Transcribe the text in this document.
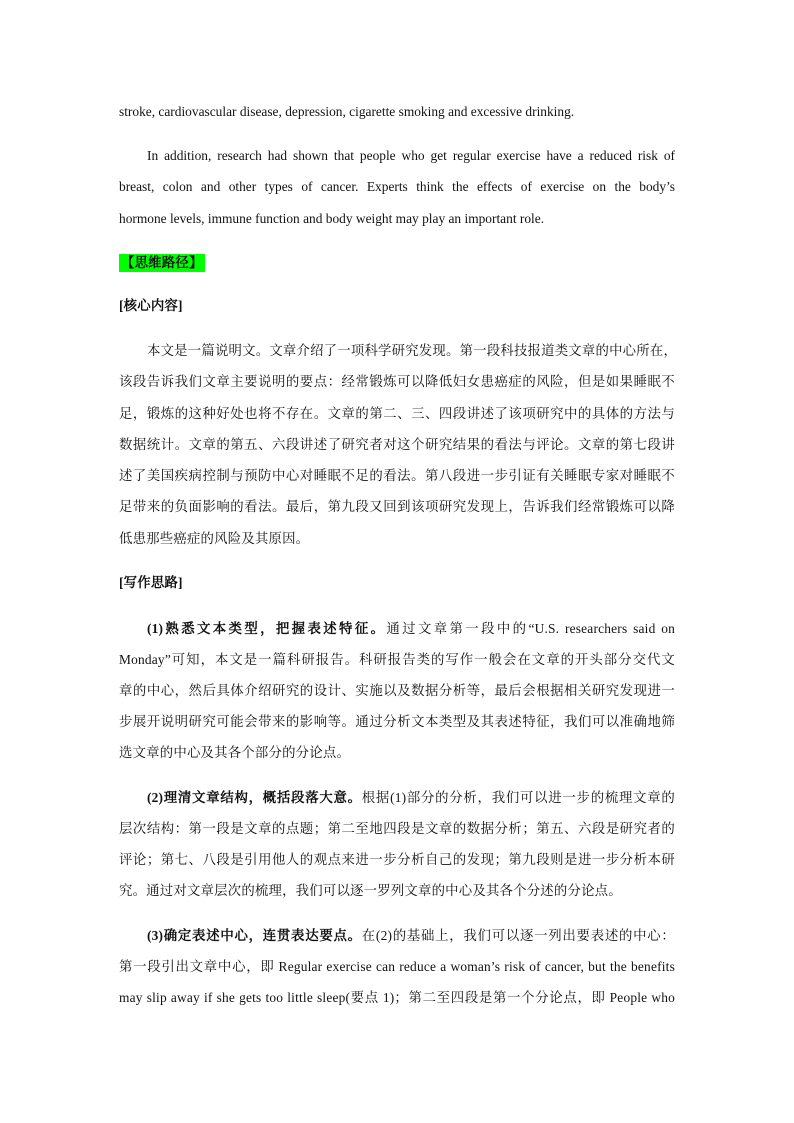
stroke, cardiovascular disease, depression, cigarette smoking and excessive drinking.
In addition, research had shown that people who get regular exercise have a reduced risk of
breast, colon and other types of cancer. Experts think the effects of exercise on the body’s
hormone levels, immune function and body weight may play an important role.
【思维路径】
[核心内容]
本文是一篇说明文。文章介绍了一项科学研究发现。第一段科技报道类文章的中心所在，
该段告诉我们文章主要说明的要点：经常锻炼可以降低妇女患癌症的风险，但是如果睡眠不
足，锻炼的这种好处也将不存在。文章的第二、三、四段讲述了该项研究中的具体的方法与
数据统计。文章的第五、六段讲述了研究者对这个研究结果的看法与评论。文章的第七段讲
述了美国疾病控制与预防中心对睡眠不足的看法。第八段进一步引证有关睡眠专家对睡眠不
足带来的负面影响的看法。最后，第九段又回到该项研究发现上，告诉我们经常锻炼可以降
低患那些癌症的风险及其原因。
[写作思路]
(1)熟悉文本类型，把握表述特征。通过文章第一段中的“U.S. researchers said on
Monday”可知，本文是一篇科研报告。科研报告类的写作一般会在文章的开头部分交代文
章的中心，然后具体介绍研究的设计、实施以及数据分析等，最后会根据相关研究发现进一
步展开说明研究可能会带来的影响等。通过分析文本类型及其表述特征，我们可以准确地筛
选文章的中心及其各个部分的分论点。
(2)理清文章结构，概括段落大意。根据(1)部分的分析，我们可以进一步的梳理文章的
层次结构：第一段是文章的点题；第二至地四段是文章的数据分析；第五、六段是研究者的
评论；第七、八段是引用他人的观点来进一步分析自己的发现；第九段则是进一步分析本研
究。通过对文章层次的梳理，我们可以逐一罗列文章的中心及其各个分述的分论点。
(3)确定表述中心，连贯表达要点。在(2)的基础上，我们可以逐一列出要表述的中心：
第一段引出文章中心，即 Regular exercise can reduce a woman’s risk of cancer, but the benefits
may slip away if she gets too little sleep(要点 1)；第二至四段是第一个分论点，即 People who
